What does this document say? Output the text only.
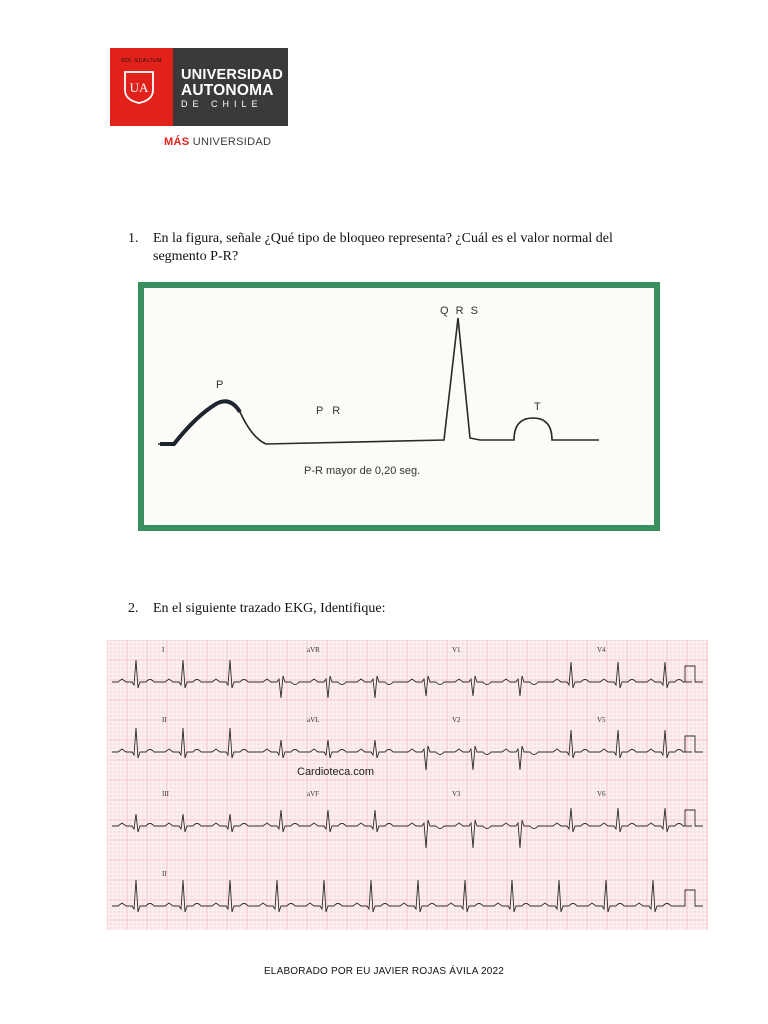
SOL·SCALTUM
UA
UNIVERSIDAD
AUTONOMA
DE CHILE
MÁS UNIVERSIDAD
1. En la figura, señale ¿Qué tipo de bloqueo representa? ¿Cuál es el valor normal del segmento P-R?
P
P R
Q R S
T
P-R mayor de 0,20 seg.
2. En el siguiente trazado EKG, Identifique:
I	aVR	V1	V4
II	aVL	V2	V5
III	aVF	V3	V6
II
Cardioteca.com
ELABORADO POR EU JAVIER ROJAS ÁVILA 2022
